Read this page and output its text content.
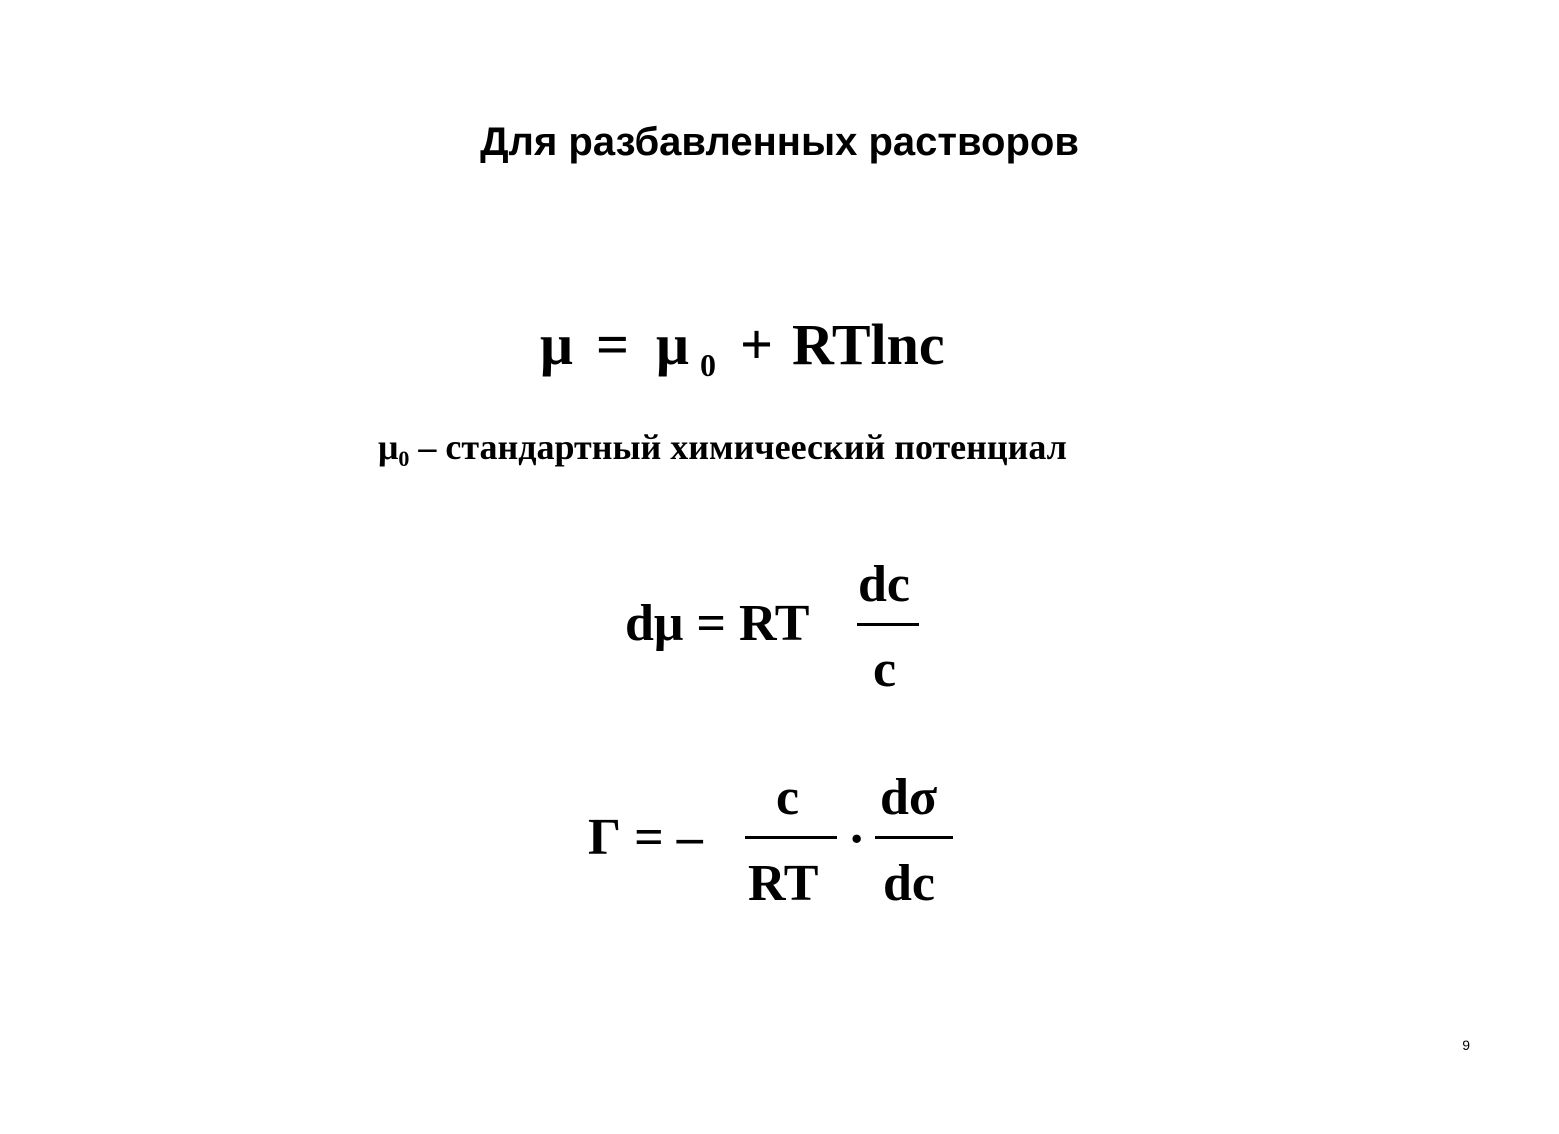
Для разбавленных растворов
μ = μ 0 + RTlnc
μ0 – стандартный химичееский потенциал
dμ = RT
dc
c
Г = –
c
RT
·
dσ
dc
9
